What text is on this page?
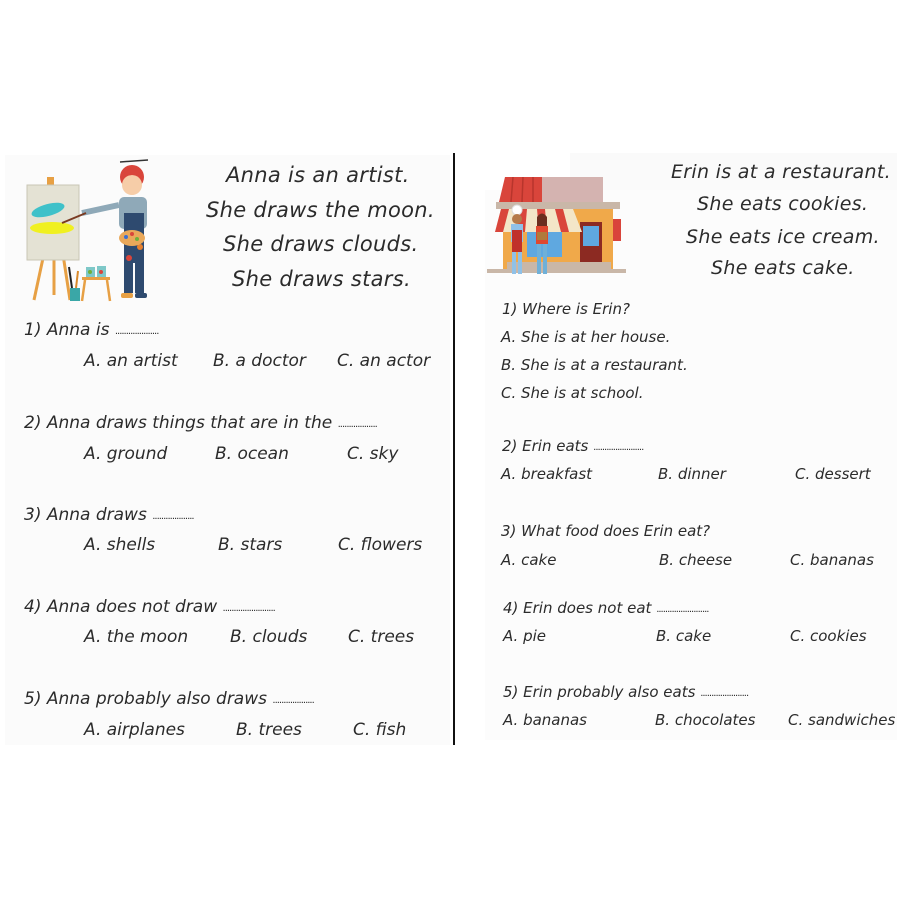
Anna is an artist.
She draws the moon.
She draws clouds.
She draws stars.
1) Anna is ....................
A. an artist B. a doctor C. an actor
2) Anna draws things that are in the ..................
A. ground	B. ocean	C. sky
3) Anna draws ...................
A. shells	B. stars	C. flowers
4) Anna does not draw ........................
A. the moon B. clouds C. trees
5) Anna probably also draws ...................
A. airplanes	B. trees	C. fish
Erin is at a restaurant.
She eats cookies.
She eats ice cream.
She eats cake.
1) Where is Erin?
A. She is at her house.
B. She is at a restaurant.
C. She is at school.
2) Erin eats .......................
A. breakfast	B. dinner	C. dessert
3) What food does Erin eat?
A. cake	B. cheese	C. bananas
4) Erin does not eat ........................
A. pie	B. cake	C. cookies
5) Erin probably also eats ......................
A. bananas	B. chocolates C. sandwiches
